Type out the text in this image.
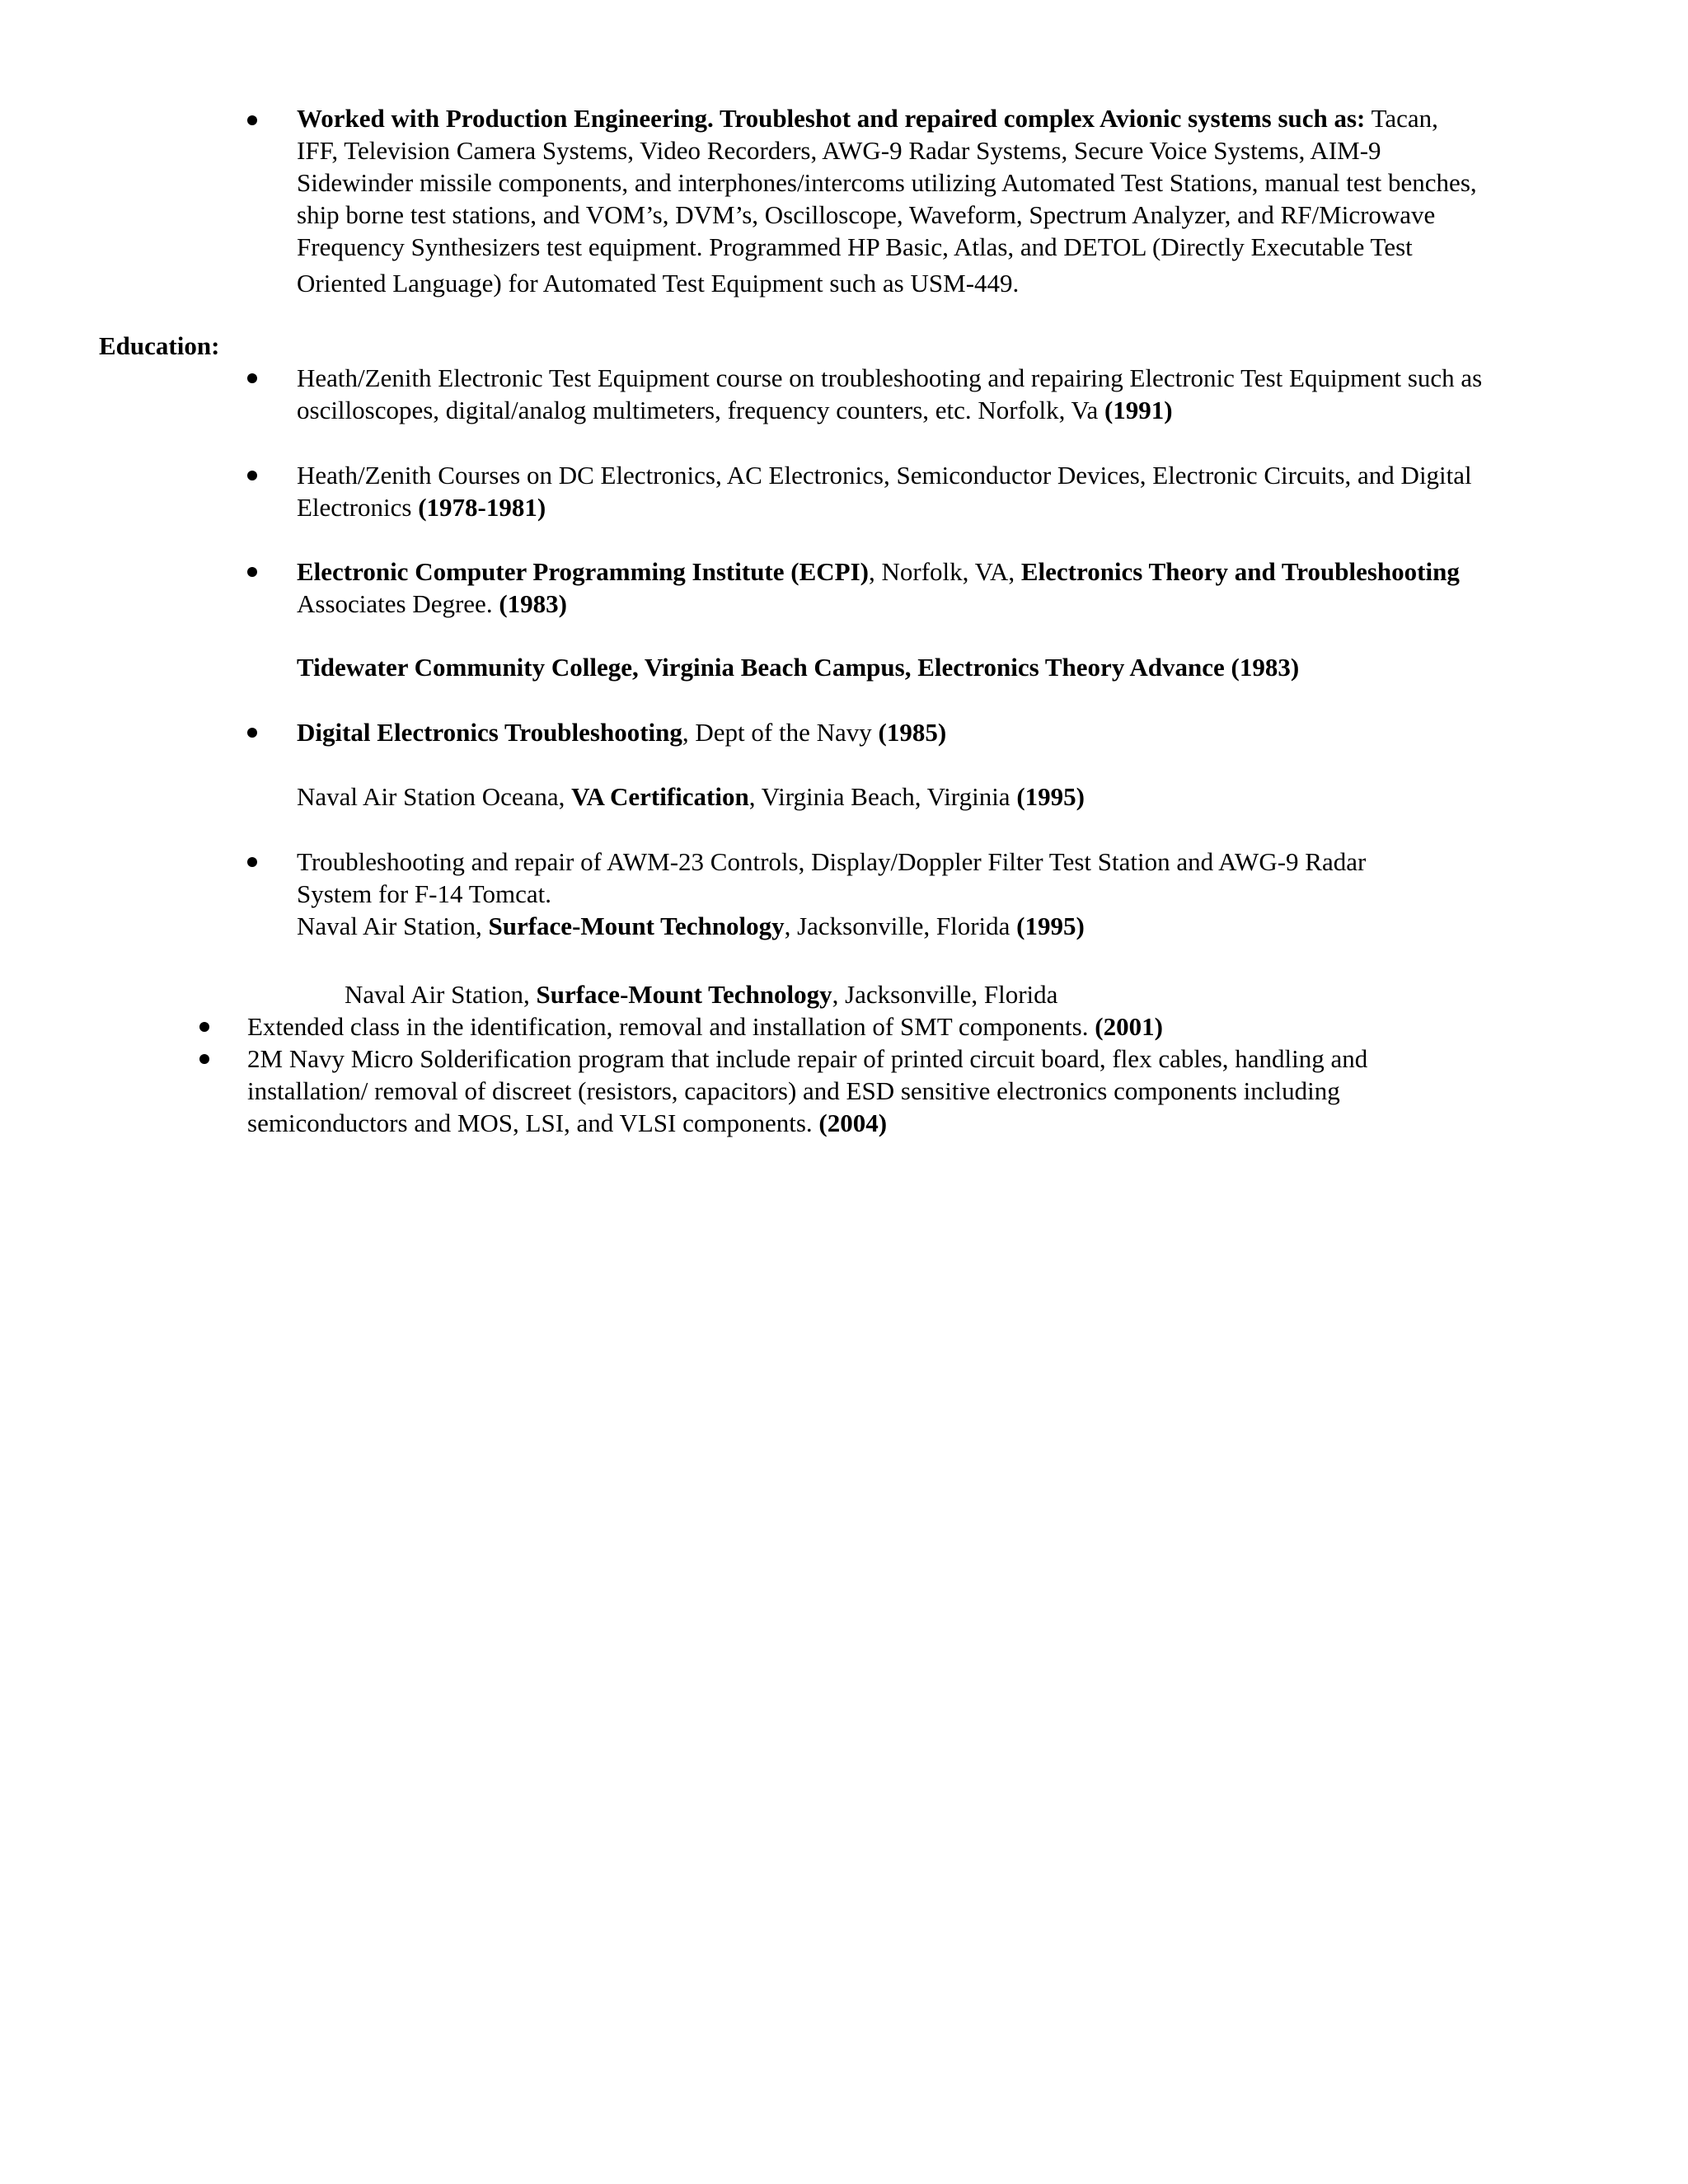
Worked with Production Engineering. Troubleshot and repaired complex Avionic systems such as: Tacan,
IFF, Television Camera Systems, Video Recorders, AWG-9 Radar Systems, Secure Voice Systems, AIM-9
Sidewinder missile components, and interphones/intercoms utilizing Automated Test Stations, manual test benches,
ship borne test stations, and VOM’s, DVM’s, Oscilloscope, Waveform, Spectrum Analyzer, and RF/Microwave
Frequency Synthesizers test equipment. Programmed HP Basic, Atlas, and DETOL (Directly Executable Test
Oriented Language) for Automated Test Equipment such as USM-449.
Education:
Heath/Zenith Electronic Test Equipment course on troubleshooting and repairing Electronic Test Equipment such as
oscilloscopes, digital/analog multimeters, frequency counters, etc. Norfolk, Va (1991)
Heath/Zenith Courses on DC Electronics, AC Electronics, Semiconductor Devices, Electronic Circuits, and Digital
Electronics (1978-1981)
Electronic Computer Programming Institute (ECPI), Norfolk, VA, Electronics Theory and Troubleshooting
Associates Degree. (1983)
Tidewater Community College, Virginia Beach Campus, Electronics Theory Advance (1983)
Digital Electronics Troubleshooting, Dept of the Navy (1985)
Naval Air Station Oceana, VA Certification, Virginia Beach, Virginia (1995)
Troubleshooting and repair of AWM-23 Controls, Display/Doppler Filter Test Station and AWG-9 Radar
System for F-14 Tomcat.
Naval Air Station, Surface-Mount Technology, Jacksonville, Florida (1995)
Naval Air Station, Surface-Mount Technology, Jacksonville, Florida
Extended class in the identification, removal and installation of SMT components. (2001)
2M Navy Micro Solderification program that include repair of printed circuit board, flex cables, handling and
installation/ removal of discreet (resistors, capacitors) and ESD sensitive electronics components including
semiconductors and MOS, LSI, and VLSI components. (2004)
